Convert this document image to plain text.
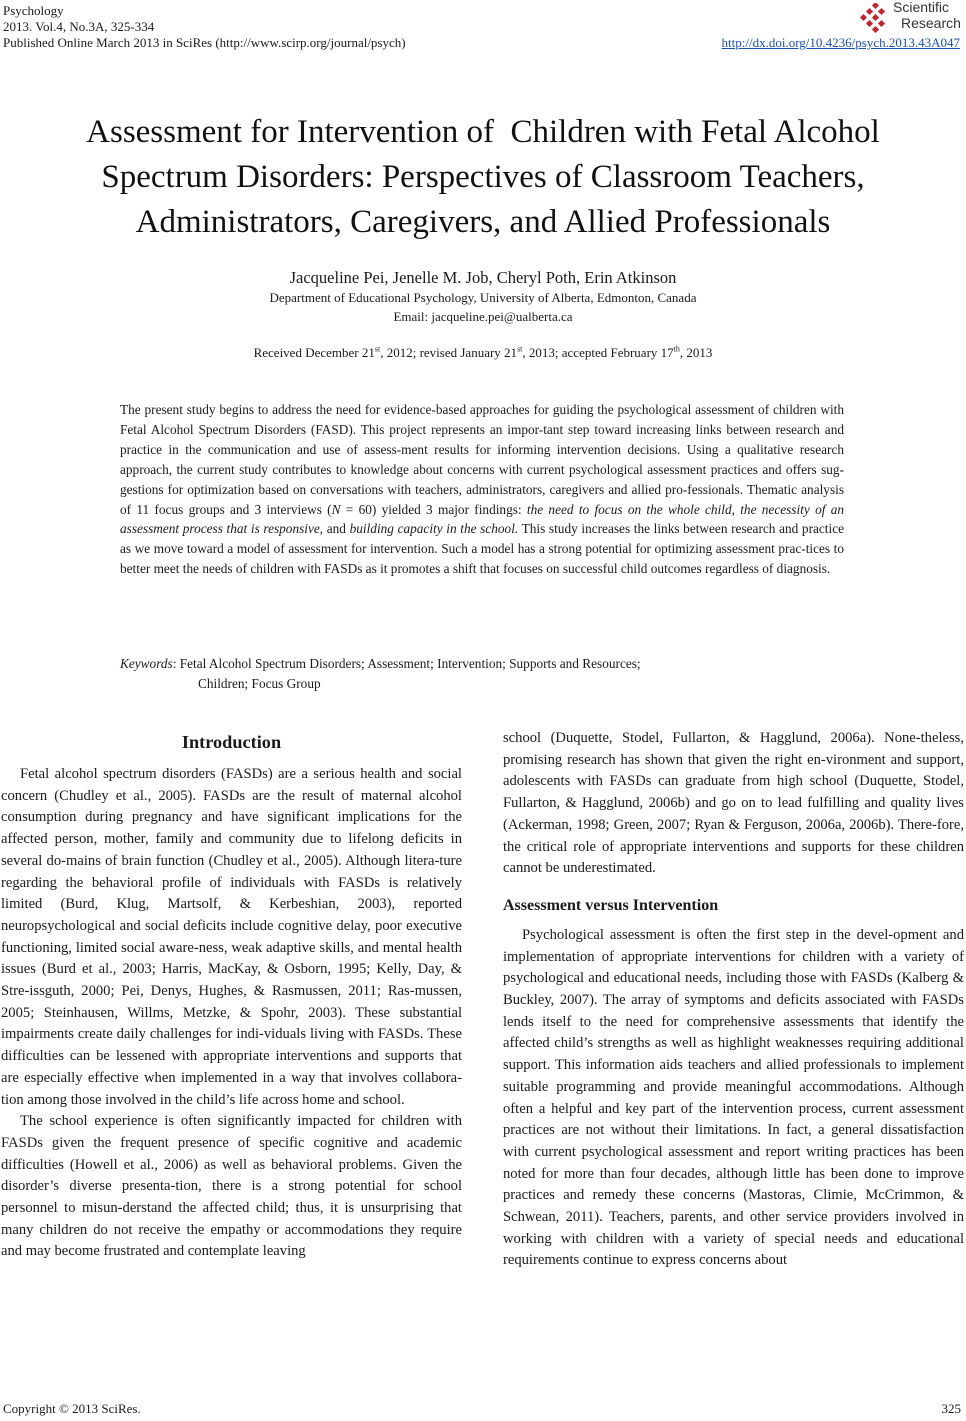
Psychology
2013. Vol.4, No.3A, 325-334
Published Online March 2013 in SciRes (http://www.scirp.org/journal/psych)
Scientific
Research
http://dx.doi.org/10.4236/psych.2013.43A047
Assessment for Intervention of  Children with Fetal Alcohol
Spectrum Disorders: Perspectives of Classroom Teachers,
Administrators, Caregivers, and Allied Professionals
Jacqueline Pei, Jenelle M. Job, Cheryl Poth, Erin Atkinson
Department of Educational Psychology, University of Alberta, Edmonton, Canada
Email: jacqueline.pei@ualberta.ca
Received December 21st, 2012; revised January 21st, 2013; accepted February 17th, 2013
The present study begins to address the need for evidence-based approaches for guiding the psychological assessment of children with Fetal Alcohol Spectrum Disorders (FASD). This project represents an impor-tant step toward increasing links between research and practice in the communication and use of assess-ment results for informing intervention decisions. Using a qualitative research approach, the current study contributes to knowledge about concerns with current psychological assessment practices and offers sug-gestions for optimization based on conversations with teachers, administrators, caregivers and allied pro-fessionals. Thematic analysis of 11 focus groups and 3 interviews (N = 60) yielded 3 major findings: the need to focus on the whole child, the necessity of an assessment process that is responsive, and building capacity in the school. This study increases the links between research and practice as we move toward a model of assessment for intervention. Such a model has a strong potential for optimizing assessment prac-tices to better meet the needs of children with FASDs as it promotes a shift that focuses on successful child outcomes regardless of diagnosis.
Keywords: Fetal Alcohol Spectrum Disorders; Assessment; Intervention; Supports and Resources;
Children; Focus Group
Introduction

Fetal alcohol spectrum disorders (FASDs) are a serious health and social concern (Chudley et al., 2005). FASDs are the result of maternal alcohol consumption during pregnancy and have significant implications for the affected person, mother, family and community due to lifelong deficits in several do-mains of brain function (Chudley et al., 2005). Although litera-ture regarding the behavioral profile of individuals with FASDs is relatively limited (Burd, Klug, Martsolf, & Kerbeshian, 2003), reported neuropsychological and social deficits include cognitive delay, poor executive functioning, limited social aware-ness, weak adaptive skills, and mental health issues (Burd et al., 2003; Harris, MacKay, & Osborn, 1995; Kelly, Day, & Stre-issguth, 2000; Pei, Denys, Hughes, & Rasmussen, 2011; Ras-mussen, 2005; Steinhausen, Willms, Metzke, & Spohr, 2003). These substantial impairments create daily challenges for indi-viduals living with FASDs. These difficulties can be lessened with appropriate interventions and supports that are especially effective when implemented in a way that involves collabora-tion among those involved in the child’s life across home and school.

The school experience is often significantly impacted for children with FASDs given the frequent presence of specific cognitive and academic difficulties (Howell et al., 2006) as well as behavioral problems. Given the disorder’s diverse presenta-tion, there is a strong potential for school personnel to misun-derstand the affected child; thus, it is unsurprising that many children do not receive the empathy or accommodations they require and may become frustrated and contemplate leaving

school (Duquette, Stodel, Fullarton, & Hagglund, 2006a). None-theless, promising research has shown that given the right en-vironment and support, adolescents with FASDs can graduate from high school (Duquette, Stodel, Fullarton, & Hagglund, 2006b) and go on to lead fulfilling and quality lives (Ackerman, 1998; Green, 2007; Ryan & Ferguson, 2006a, 2006b). There-fore, the critical role of appropriate interventions and supports for these children cannot be underestimated.

Assessment versus Intervention

Psychological assessment is often the first step in the devel-opment and implementation of appropriate interventions for children with a variety of psychological and educational needs, including those with FASDs (Kalberg & Buckley, 2007). The array of symptoms and deficits associated with FASDs lends itself to the need for comprehensive assessments that identify the affected child’s strengths as well as highlight weaknesses requiring additional support. This information aids teachers and allied professionals to implement suitable programming and provide meaningful accommodations. Although often a helpful and key part of the intervention process, current assessment practices are not without their limitations. In fact, a general dissatisfaction with current psychological assessment and report writing practices has been noted for more than four decades, although little has been done to improve practices and remedy these concerns (Mastoras, Climie, McCrimmon, & Schwean, 2011). Teachers, parents, and other service providers involved in working with children with a variety of special needs and educational requirements continue to express concerns about

Copyright © 2013 SciRes.	325
